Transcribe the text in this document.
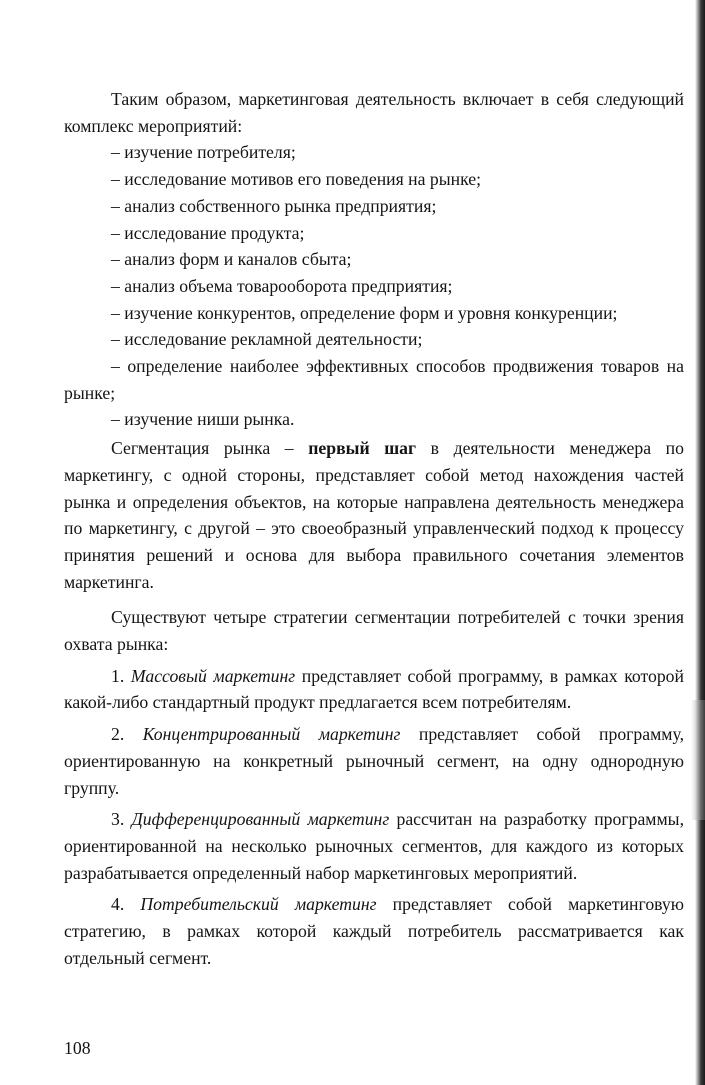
Таким образом, маркетинговая деятельность включает в себя следующий комплекс мероприятий:

– изучение потребителя;

– исследование мотивов его поведения на рынке;

– анализ собственного рынка предприятия;

– исследование продукта;

– анализ форм и каналов сбыта;

– анализ объема товарооборота предприятия;

– изучение конкурентов, определение форм и уровня конкуренции;

– исследование рекламной деятельности;

– определение наиболее эффективных способов продвижения товаров на рынке;

– изучение ниши рынка.

Сегментация рынка – первый шаг в деятельности менеджера по маркетингу, с одной стороны, представляет собой метод нахождения частей рынка и определения объектов, на которые направлена деятельность менеджера по маркетингу, с другой – это своеобразный управленческий подход к процессу принятия решений и основа для выбора правильного сочетания элементов маркетинга.

Существуют четыре стратегии сегментации потребителей с точки зрения охвата рынка:

1. Массовый маркетинг представляет собой программу, в рамках которой какой-либо стандартный продукт предлагается всем потребителям.

2. Концентрированный маркетинг представляет собой программу, ориентированную на конкретный рыночный сегмент, на одну однородную группу.

3. Дифференцированный маркетинг рассчитан на разработку программы, ориентированной на несколько рыночных сегментов, для каждого из которых разрабатывается определенный набор маркетинговых мероприятий.

4. Потребительский маркетинг представляет собой маркетинговую стратегию, в рамках которой каждый потребитель рассматривается как отдельный сегмент.

108
